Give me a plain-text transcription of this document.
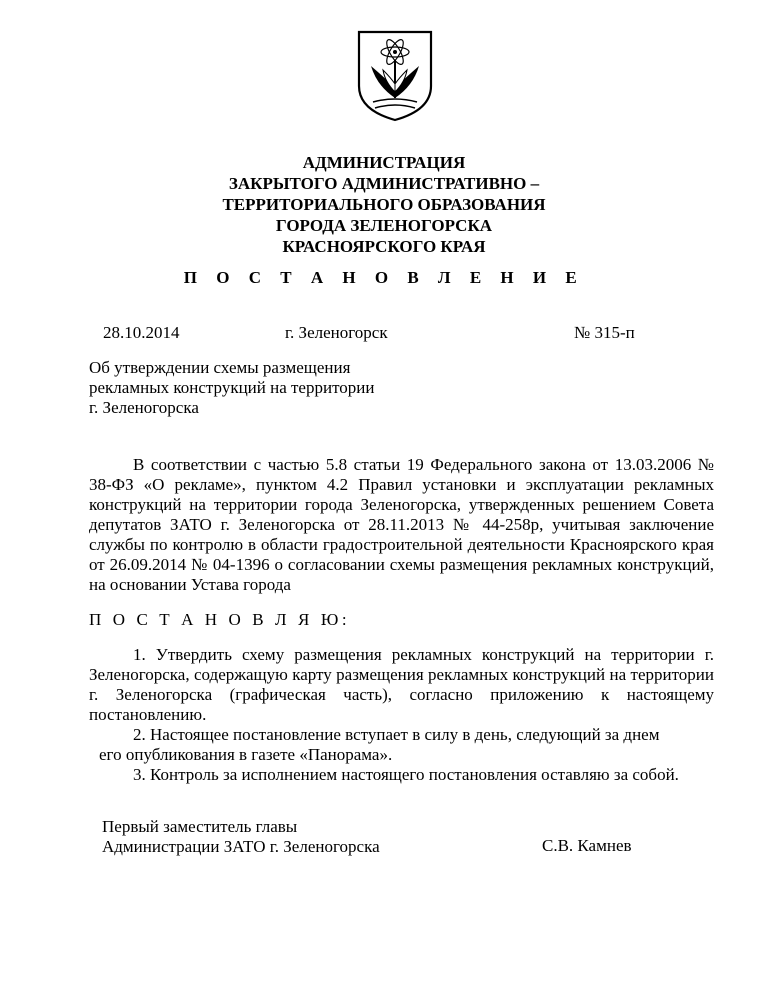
АДМИНИСТРАЦИЯ
ЗАКРЫТОГО АДМИНИСТРАТИВНО –
ТЕРРИТОРИАЛЬНОГО ОБРАЗОВАНИЯ
ГОРОДА ЗЕЛЕНОГОРСКА
КРАСНОЯРСКОГО КРАЯ
П О С Т А Н О В Л Е Н И Е
28.10.2014	г. Зеленогорск	№ 315-п
Об утверждении схемы размещения
рекламных конструкций на территории
г. Зеленогорска
В соответствии с частью 5.8 статьи 19 Федерального закона от 13.03.2006 № 38-ФЗ «О рекламе», пунктом 4.2 Правил установки и эксплуатации рекламных конструкций на территории города Зеленогорска, утвержденных решением Совета депутатов ЗАТО г. Зеленогорска от 28.11.2013 № 44-258р, учитывая заключение службы по контролю в области градостроительной деятельности Красноярского края от 26.09.2014 № 04-1396 о согласовании схемы размещения рекламных конструкций, на основании Устава города
П О С Т А Н О В Л Я Ю:

1. Утвердить схему размещения рекламных конструкций на территории г. Зеленогорска, содержащую карту размещения рекламных конструкций на территории г. Зеленогорска (графическая часть), согласно приложению к настоящему постановлению.

2. Настоящее постановление вступает в силу в день, следующий за днем
его опубликования в газете «Панорама».

3. Контроль за исполнением настоящего постановления оставляю за собой.

Первый заместитель главы
Администрации ЗАТО г. Зеленогорска	С.В. Камнев
